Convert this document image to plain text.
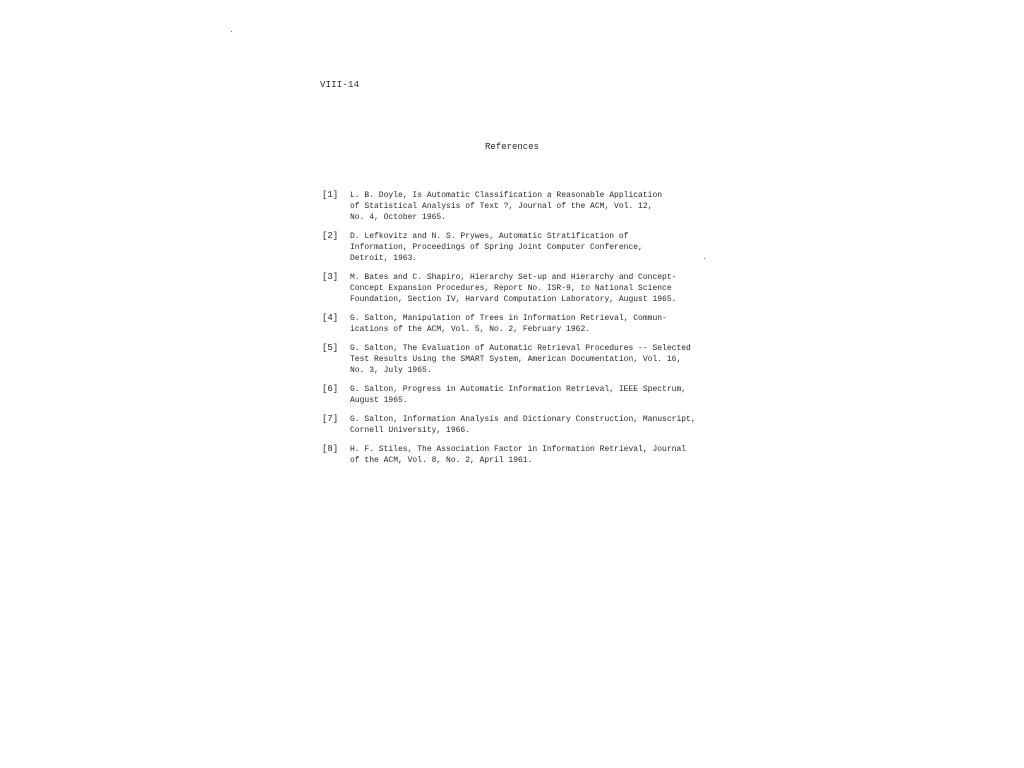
VIII-14
References
[1]	L. B. Doyle, Is Automatic Classification a Reasonable Application
of Statistical Analysis of Text ?, Journal of the ACM, Vol. 12,
No. 4, October 1965.
[2]	D. Lefkovitz and N. S. Prywes, Automatic Stratification of
Information, Proceedings of Spring Joint Computer Conference,
Detroit, 1963.
[3]	M. Bates and C. Shapiro, Hierarchy Set-up and Hierarchy and Concept-
Concept Expansion Procedures, Report No. ISR-9, to National Science
Foundation, Section IV, Harvard Computation Laboratory, August 1965.
[4]	G. Salton, Manipulation of Trees in Information Retrieval, Commun-
ications of the ACM, Vol. 5, No. 2, February 1962.
[5]	G. Salton, The Evaluation of Automatic Retrieval Procedures -- Selected
Test Results Using the SMART System, American Documentation, Vol. 16,
No. 3, July 1965.
[6]	G. Salton, Progress in Automatic Information Retrieval, IEEE Spectrum,
August 1965.
[7]	G. Salton, Information Analysis and Dictionary Construction, Manuscript,
Cornell University, 1966.
[8]	H. F. Stiles, The Association Factor in Information Retrieval, Journal
of the ACM, Vol. 8, No. 2, April 1961.
